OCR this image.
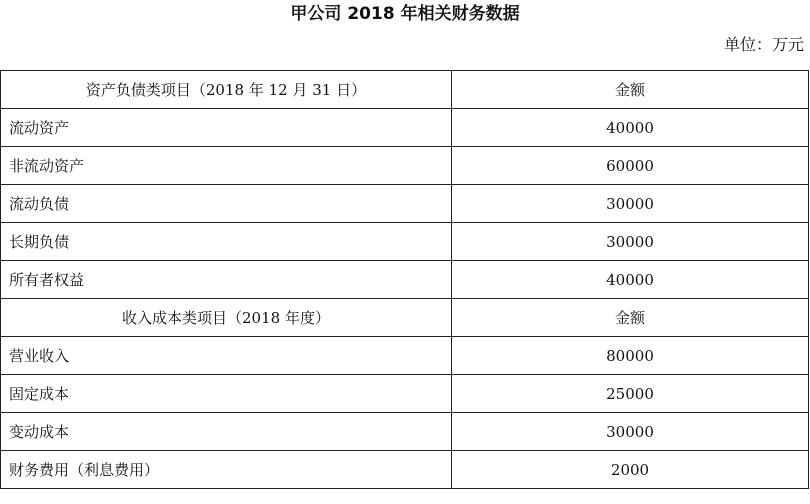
甲公司 2018 年相关财务数据
单位：万元
资产负债类项目（2018 年 12 月 31 日）	金额
流动资产	40000
非流动资产	60000
流动负债	30000
长期负债	30000
所有者权益	40000
收入成本类项目（2018 年度）	金额
营业收入	80000
固定成本	25000
变动成本	30000
财务费用（利息费用）	2000
